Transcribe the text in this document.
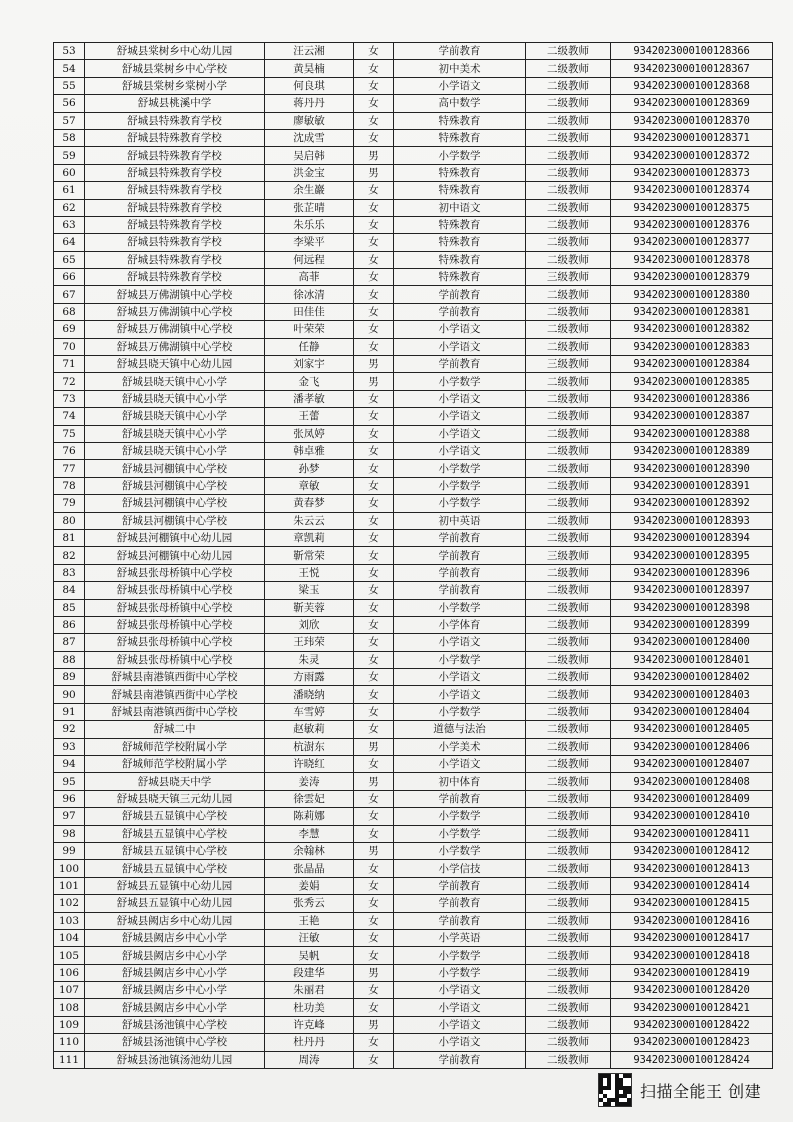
53	舒城县棠树乡中心幼儿园	汪云湘	女	学前教育	二级教师	9342023000100128366
54	舒城县棠树乡中心学校	黄昊楠	女	初中美术	二级教师	9342023000100128367
55	舒城县棠树乡棠树小学	何良琪	女	小学语文	二级教师	9342023000100128368
56	舒城县桃溪中学	蒋丹丹	女	高中数学	二级教师	9342023000100128369
57	舒城县特殊教育学校	廖敏敏	女	特殊教育	二级教师	9342023000100128370
58	舒城县特殊教育学校	沈成雪	女	特殊教育	二级教师	9342023000100128371
59	舒城县特殊教育学校	吴启韩	男	小学数学	二级教师	9342023000100128372
60	舒城县特殊教育学校	洪金宝	男	特殊教育	二级教师	9342023000100128373
61	舒城县特殊教育学校	余生巖	女	特殊教育	二级教师	9342023000100128374
62	舒城县特殊教育学校	张芷晴	女	初中语文	二级教师	9342023000100128375
63	舒城县特殊教育学校	朱乐乐	女	特殊教育	二级教师	9342023000100128376
64	舒城县特殊教育学校	李梁平	女	特殊教育	二级教师	9342023000100128377
65	舒城县特殊教育学校	何远程	女	特殊教育	二级教师	9342023000100128378
66	舒城县特殊教育学校	高菲	女	特殊教育	三级教师	9342023000100128379
67	舒城县万佛湖镇中心学校	徐冰清	女	学前教育	二级教师	9342023000100128380
68	舒城县万佛湖镇中心学校	田佳佳	女	学前教育	二级教师	9342023000100128381
69	舒城县万佛湖镇中心学校	叶荣荣	女	小学语文	二级教师	9342023000100128382
70	舒城县万佛湖镇中心学校	任静	女	小学语文	二级教师	9342023000100128383
71	舒城县晓天镇中心幼儿园	刘家宇	男	学前教育	三级教师	9342023000100128384
72	舒城县晓天镇中心小学	金飞	男	小学数学	二级教师	9342023000100128385
73	舒城县晓天镇中心小学	潘孝敏	女	小学语文	二级教师	9342023000100128386
74	舒城县晓天镇中心小学	王蕾	女	小学语文	二级教师	9342023000100128387
75	舒城县晓天镇中心小学	张凤婷	女	小学语文	二级教师	9342023000100128388
76	舒城县晓天镇中心小学	韩卓雅	女	小学语文	二级教师	9342023000100128389
77	舒城县河棚镇中心学校	孙梦	女	小学数学	二级教师	9342023000100128390
78	舒城县河棚镇中心学校	章敏	女	小学数学	二级教师	9342023000100128391
79	舒城县河棚镇中心学校	黄春梦	女	小学数学	二级教师	9342023000100128392
80	舒城县河棚镇中心学校	朱云云	女	初中英语	二级教师	9342023000100128393
81	舒城县河棚镇中心幼儿园	章凯莉	女	学前教育	二级教师	9342023000100128394
82	舒城县河棚镇中心幼儿园	靳常荣	女	学前教育	三级教师	9342023000100128395
83	舒城县张母桥镇中心学校	王悦	女	学前教育	二级教师	9342023000100128396
84	舒城县张母桥镇中心学校	梁玉	女	学前教育	二级教师	9342023000100128397
85	舒城县张母桥镇中心学校	靳芙蓉	女	小学数学	二级教师	9342023000100128398
86	舒城县张母桥镇中心学校	刘欣	女	小学体育	二级教师	9342023000100128399
87	舒城县张母桥镇中心学校	王玮荣	女	小学语文	二级教师	9342023000100128400
88	舒城县张母桥镇中心学校	朱灵	女	小学数学	二级教师	9342023000100128401
89	舒城县南港镇西街中心学校	方雨露	女	小学语文	二级教师	9342023000100128402
90	舒城县南港镇西街中心学校	潘晓纳	女	小学语文	二级教师	9342023000100128403
91	舒城县南港镇西街中心学校	车雪婷	女	小学数学	二级教师	9342023000100128404
92	舒城二中	赵敏莉	女	道德与法治	二级教师	9342023000100128405
93	舒城师范学校附属小学	杭澍东	男	小学美术	二级教师	9342023000100128406
94	舒城师范学校附属小学	许晓红	女	小学语文	二级教师	9342023000100128407
95	舒城县晓天中学	姜涛	男	初中体育	二级教师	9342023000100128408
96	舒城县晓天镇三元幼儿园	徐雲妃	女	学前教育	二级教师	9342023000100128409
97	舒城县五显镇中心学校	陈莉娜	女	小学数学	二级教师	9342023000100128410
98	舒城县五显镇中心学校	李慧	女	小学数学	二级教师	9342023000100128411
99	舒城县五显镇中心学校	余翰林	男	小学数学	二级教师	9342023000100128412
100	舒城县五显镇中心学校	张晶晶	女	小学信技	二级教师	9342023000100128413
101	舒城县五显镇中心幼儿园	姜娟	女	学前教育	二级教师	9342023000100128414
102	舒城县五显镇中心幼儿园	张秀云	女	学前教育	二级教师	9342023000100128415
103	舒城县阙店乡中心幼儿园	王艳	女	学前教育	二级教师	9342023000100128416
104	舒城县阙店乡中心小学	汪敏	女	小学英语	二级教师	9342023000100128417
105	舒城县阙店乡中心小学	吴帆	女	小学数学	二级教师	9342023000100128418
106	舒城县阙店乡中心小学	段建华	男	小学数学	二级教师	9342023000100128419
107	舒城县阙店乡中心小学	朱丽君	女	小学语文	二级教师	9342023000100128420
108	舒城县阙店乡中心小学	杜功美	女	小学语文	二级教师	9342023000100128421
109	舒城县汤池镇中心学校	许克峰	男	小学语文	二级教师	9342023000100128422
110	舒城县汤池镇中心学校	杜丹丹	女	小学语文	二级教师	9342023000100128423
111	舒城县汤池镇汤池幼儿园	周涛	女	学前教育	二级教师	9342023000100128424
扫描全能王 创建
